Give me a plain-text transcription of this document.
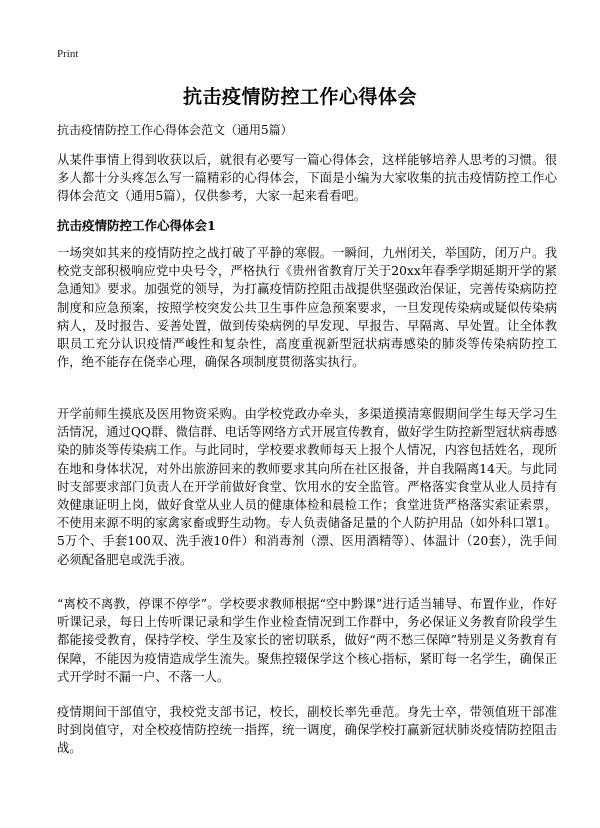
Print
抗击疫情防控工作心得体会
抗击疫情防控工作心得体会范文（通用5篇）

从某件事情上得到收获以后，就很有必要写一篇心得体会，这样能够培养人思考的习惯。很多人都十分头疼怎么写一篇精彩的心得体会，下面是小编为大家收集的抗击疫情防控工作心得体会范文（通用5篇），仅供参考，大家一起来看看吧。

抗击疫情防控工作心得体会1

一场突如其来的疫情防控之战打破了平静的寒假。一瞬间，九州闭关，举国防，闭万户。我校党支部积极响应党中央号令，严格执行《贵州省教育厅关于20xx年春季学期延期开学的紧急通知》要求。加强党的领导，为打赢疫情防控阻击战提供坚强政治保证，完善传染病防控制度和应急预案，按照学校突发公共卫生事件应急预案要求，一旦发现传染病或疑似传染病病人，及时报告、妥善处置，做到传染病例的早发现、早报告、早隔离、早处置。让全体教职员工充分认识疫情严峻性和复杂性，高度重视新型冠状病毒感染的肺炎等传染病防控工作，绝不能存在侥幸心理，确保各项制度贯彻落实执行。

开学前师生摸底及医用物资采购。由学校党政办牵头，多渠道摸清寒假期间学生每天学习生活情况，通过QQ群、微信群、电话等网络方式开展宣传教育，做好学生防控新型冠状病毒感染的肺炎等传染病工作。与此同时，学校要求教师每天上报个人情况，内容包括姓名，现所在地和身体状况，对外出旅游回来的教师要求其向所在社区报备，并自我隔离14天。与此同时支部要求部门负责人在开学前做好食堂、饮用水的安全监管。严格落实食堂从业人员持有效健康证明上岗，做好食堂从业人员的健康体检和晨检工作；食堂进货严格落实索证索票，不使用来源不明的家禽家畜或野生动物。专人负责储备足量的个人防护用品（如外科口罩1。5万个、手套100双、洗手液10件）和消毒剂（漂、医用酒精等）、体温计（20套），洗手间必须配备肥皂或洗手液。

“离校不离教，停课不停学”。学校要求教师根据“空中黔课”进行适当辅导、布置作业，作好听课记录，每日上传听课记录和学生作业检查情况到工作群中，务必保证义务教育阶段学生都能接受教育，保持学校、学生及家长的密切联系，做好“两不愁三保障”特别是义务教育有保障，不能因为疫情造成学生流失。聚焦控辍保学这个核心指标，紧盯每一名学生，确保正式开学时不漏一户、不落一人。

疫情期间干部值守，我校党支部书记，校长，副校长率先垂范。身先士卒，带领值班干部准时到岗值守，对全校疫情防控统一指挥，统一调度，确保学校打赢新冠状肺炎疫情防控阻击战。
